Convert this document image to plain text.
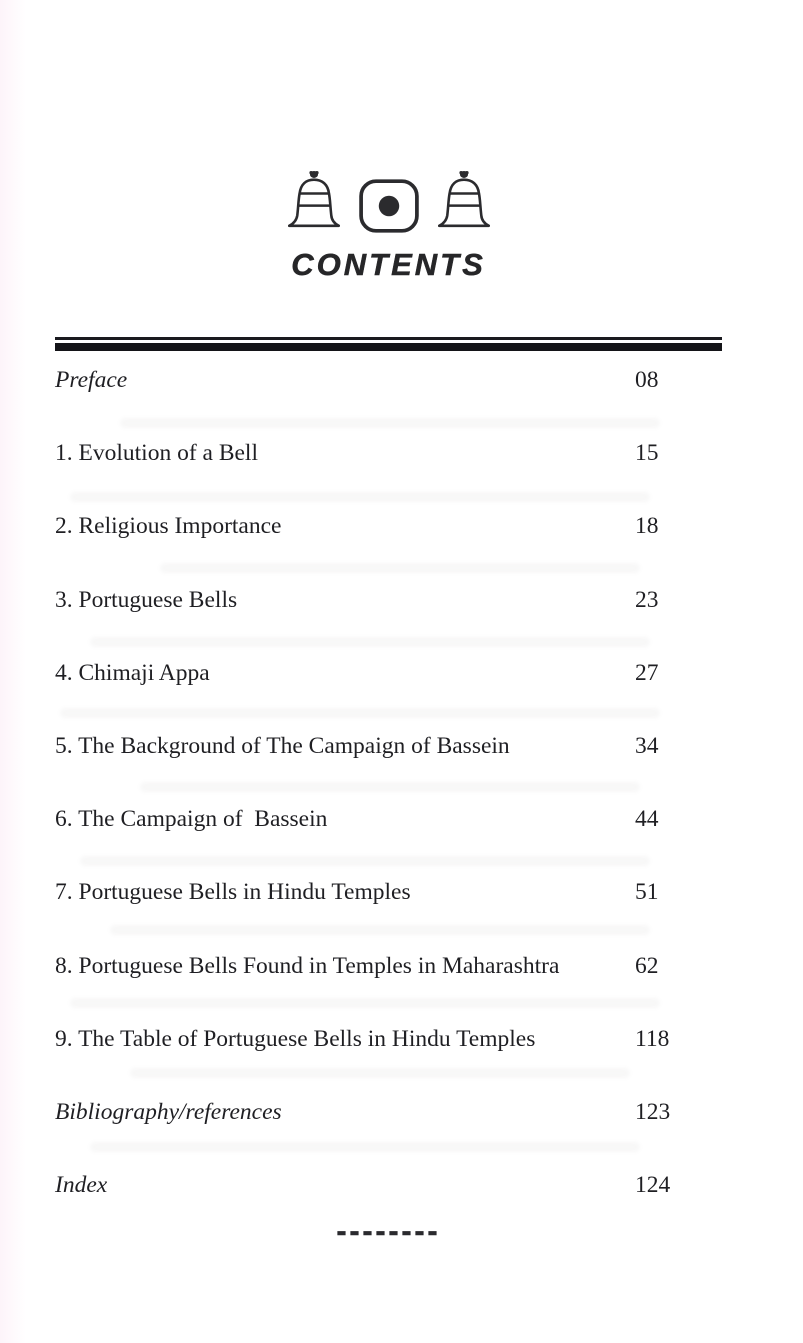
CONTENTS
Preface	08
1. Evolution of a Bell	15
2. Religious Importance	18
3. Portuguese Bells	23
4. Chimaji Appa	27
5. The Background of The Campaign of Bassein	34
6. The Campaign of  Bassein	44
7. Portuguese Bells in Hindu Temples	51
8. Portuguese Bells Found in Temples in Maharashtra	62
9. The Table of Portuguese Bells in Hindu Temples	118
Bibliography/references	123
Index	124
--------
